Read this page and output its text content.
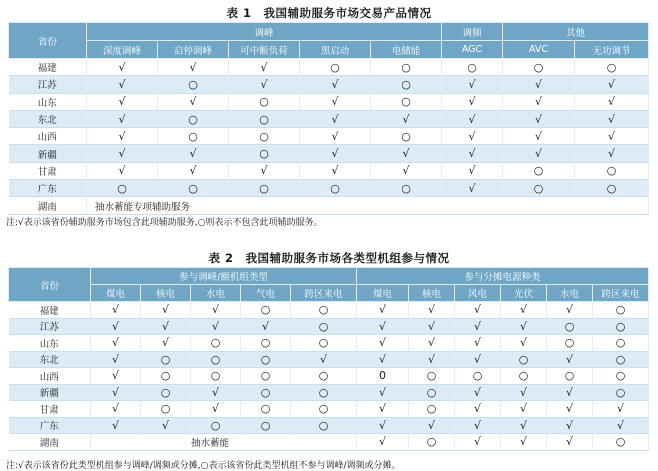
表 1　我国辅助服务市场交易产品情况
省份	调峰					调频	其他	
	深度调峰	启停调峰	可中断负荷	黑启动	电储能	AGC	AVC	无功调节
福建	√	√	√	○	○	○	○	○
江苏	√	○	√	√	○	√	√	√
山东	√	√	○	√	○	√	√	√
东北	√	○	○	√	√	√	√	√
山西	√	○	○	√	○	√	√	√
新疆	√	√	○	√	√	√	√	√
甘肃	√	√	√	√	√	√	○	○
广东	○	○	○	○	○	√	○	○
湖南	抽水蓄能专项辅助服务							
注:√表示该省份辅助服务市场包含此项辅助服务,○则表示不包含此项辅助服务。
表 2　我国辅助服务市场各类型机组参与情况
省份	参与调峰/额机组类型					参与分摊电源种类					
	煤电	核电	水电	气电	跨区来电	煤电	核电	风电	光伏	水电	跨区来电
福建	√	√	√	○	○	√	√	√	√	√	○
江苏	√	√	√	√	○	√	√	√	√	○	○
山东	√	√	○	○	○	√	√	√	√	○	○
东北	√	○	○	○	√	√	√	√	○	√	○
山西	√	○	○	○	○	0	○	○	○	○	○
新疆	√	○	√	○	○	√	○	√	√	√	○
甘肃	√	○	√	○	○	√	○	√	√	√	√
广东	√	√	○	○	○	√	√	√	√	√	√
湖南	抽水蓄能					√	○	√	√	√	○
注:√表示该省份此类型机组参与调峰/调频或分摊,○表示该省份此类型机组不参与调峰/调频或分摊。
